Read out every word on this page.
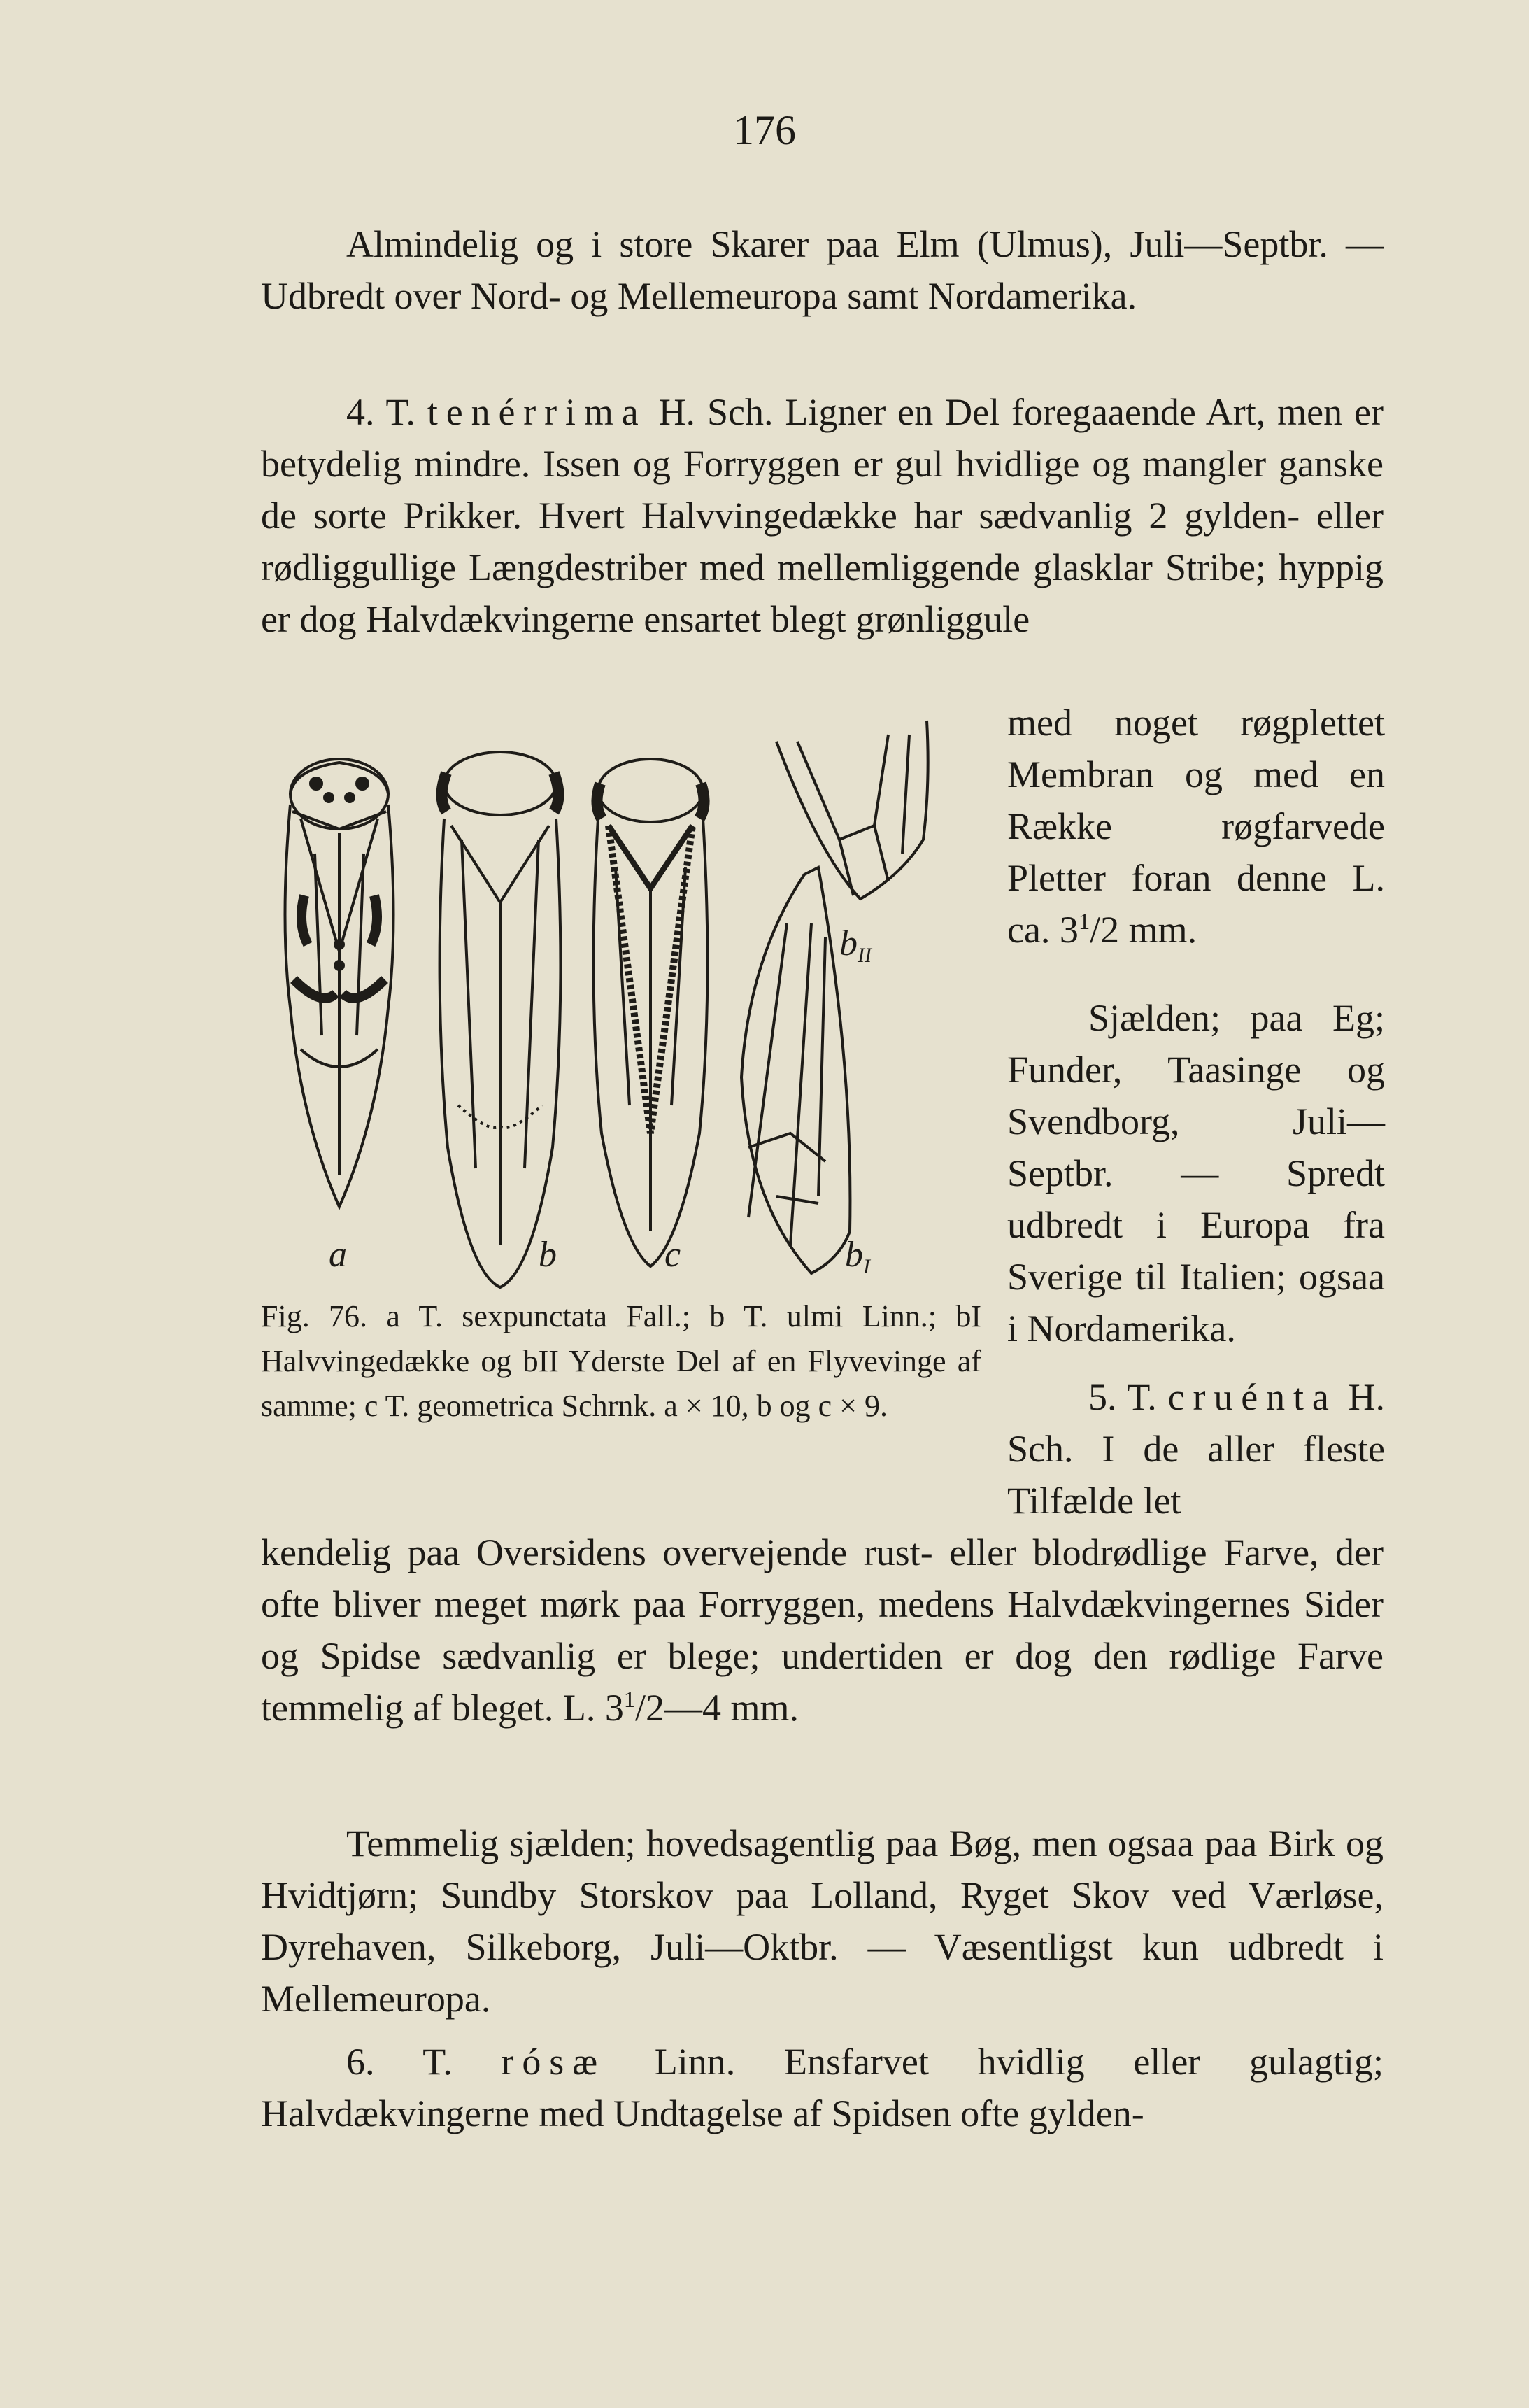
176

Almindelig og i store Skarer paa Elm (Ulmus), Juli—Septbr. — Udbredt over Nord- og Mellemeuropa samt Nordamerika.

4. T. tenérrima H. Sch. Ligner en Del foregaaende Art, men er betydelig mindre. Issen og Forryggen er gul hvidlige og mangler ganske de sorte Prikker. Hvert Halvvingedække har sædvanlig 2 gylden- eller rødliggullige Længdestriber med mellemliggende glasklar Stribe; hyppig er dog Halvdækvingerne ensartet blegt grønliggule

med noget røgplettet Membran og med en Række røgfarvede Pletter foran denne L. ca. $3^1/2$ mm.

Sjælden; paa Eg; Funder, Taasinge og Svendborg, Juli—Septbr. — Spredt udbredt i Europa fra Sverige til Italien; ogsaa i Nordamerika.

a	b	c	b I
b II

Fig. 76. a T. sexpunctata Fall.; b T. ulmi Linn.; bI Halvvingedække og bII Yderste Del af en Flyvevinge af samme; c T. geometrica Schrnk. a × 10, b og c × 9.	5. T. cruénta H. Sch. I de aller fleste Tilfælde let

kendelig paa Oversidens overvejende rust- eller blodrødlige Farve, der ofte bliver meget mørk paa Forryggen, medens Halvdækvingernes Sider og Spidse sædvanlig er blege; undertiden er dog den rødlige Farve temmelig af bleget. L. $3^1/2—4$ mm.

Temmelig sjælden; hovedsagentlig paa Bøg, men ogsaa paa Birk og Hvidtjørn; Sundby Storskov paa Lolland, Ryget Skov ved Værløse, Dyrehaven, Silkeborg, Juli—Oktbr. — Væsentligst kun udbredt i Mellemeuropa.

6. T. rósæ Linn. Ensfarvet hvidlig eller gulagtig; Halvdækvingerne med Undtagelse af Spidsen ofte gylden-
